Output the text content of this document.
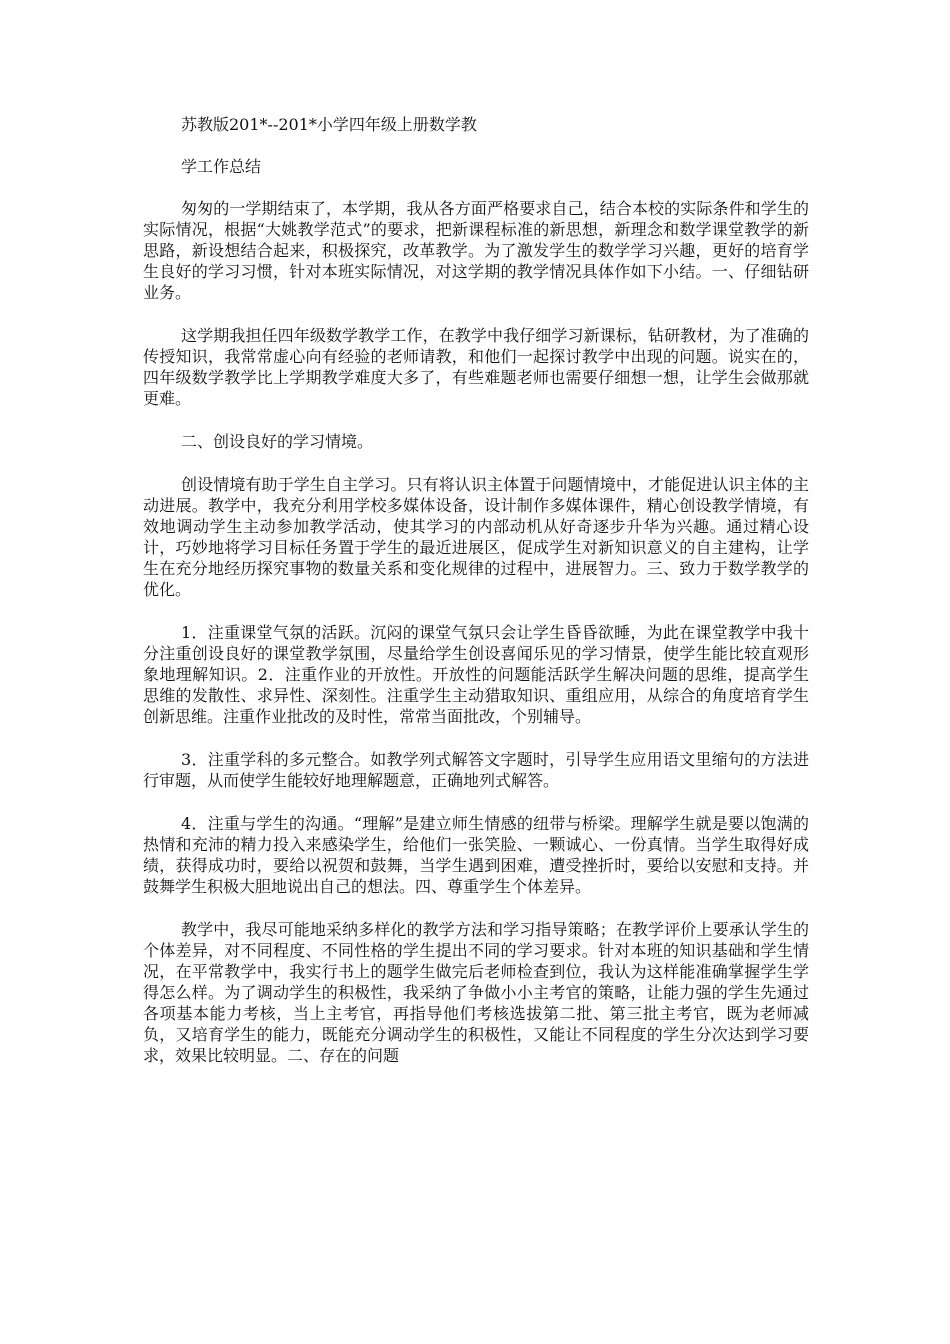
苏教版201*--201*小学四年级上册数学教

学工作总结

匆匆的一学期结束了，本学期，我从各方面严格要求自己，结合本校的实际条件和学生的实际情况，根据“大姚教学范式”的要求，把新课程标准的新思想，新理念和数学课堂教学的新思路，新设想结合起来，积极探究，改革教学。为了激发学生的数学学习兴趣，更好的培育学生良好的学习习惯，针对本班实际情况，对这学期的教学情况具体作如下小结。一、仔细钻研业务。

这学期我担任四年级数学教学工作，在教学中我仔细学习新课标，钻研教材，为了准确的传授知识，我常常虚心向有经验的老师请教，和他们一起探讨教学中出现的问题。说实在的，四年级数学教学比上学期教学难度大多了，有些难题老师也需要仔细想一想，让学生会做那就更难。

二、创设良好的学习情境。

创设情境有助于学生自主学习。只有将认识主体置于问题情境中，才能促进认识主体的主动进展。教学中，我充分利用学校多媒体设备，设计制作多媒体课件，精心创设教学情境，有效地调动学生主动参加教学活动，使其学习的内部动机从好奇逐步升华为兴趣。通过精心设计，巧妙地将学习目标任务置于学生的最近进展区，促成学生对新知识意义的自主建构，让学生在充分地经历探究事物的数量关系和变化规律的过程中，进展智力。三、致力于数学教学的优化。

1．注重课堂气氛的活跃。沉闷的课堂气氛只会让学生昏昏欲睡，为此在课堂教学中我十分注重创设良好的课堂教学氛围，尽量给学生创设喜闻乐见的学习情景，使学生能比较直观形象地理解知识。2．注重作业的开放性。开放性的问题能活跃学生解决问题的思维，提高学生思维的发散性、求异性、深刻性。注重学生主动猎取知识、重组应用，从综合的角度培育学生创新思维。注重作业批改的及时性，常常当面批改，个别辅导。

3．注重学科的多元整合。如教学列式解答文字题时，引导学生应用语文里缩句的方法进行审题，从而使学生能较好地理解题意，正确地列式解答。

4．注重与学生的沟通。“理解”是建立师生情感的纽带与桥梁。理解学生就是要以饱满的热情和充沛的精力投入来感染学生，给他们一张笑脸、一颗诚心、一份真情。当学生取得好成绩，获得成功时，要给以祝贺和鼓舞，当学生遇到困难，遭受挫折时，要给以安慰和支持。并鼓舞学生积极大胆地说出自己的想法。四、尊重学生个体差异。

教学中，我尽可能地采纳多样化的教学方法和学习指导策略；在教学评价上要承认学生的个体差异，对不同程度、不同性格的学生提出不同的学习要求。针对本班的知识基础和学生情况，在平常教学中，我实行书上的题学生做完后老师检查到位，我认为这样能准确掌握学生学得怎么样。为了调动学生的积极性，我采纳了争做小小主考官的策略，让能力强的学生先通过各项基本能力考核，当上主考官，再指导他们考核选拔第二批、第三批主考官，既为老师减负，又培育学生的能力，既能充分调动学生的积极性，又能让不同程度的学生分次达到学习要求，效果比较明显。二、存在的问题
